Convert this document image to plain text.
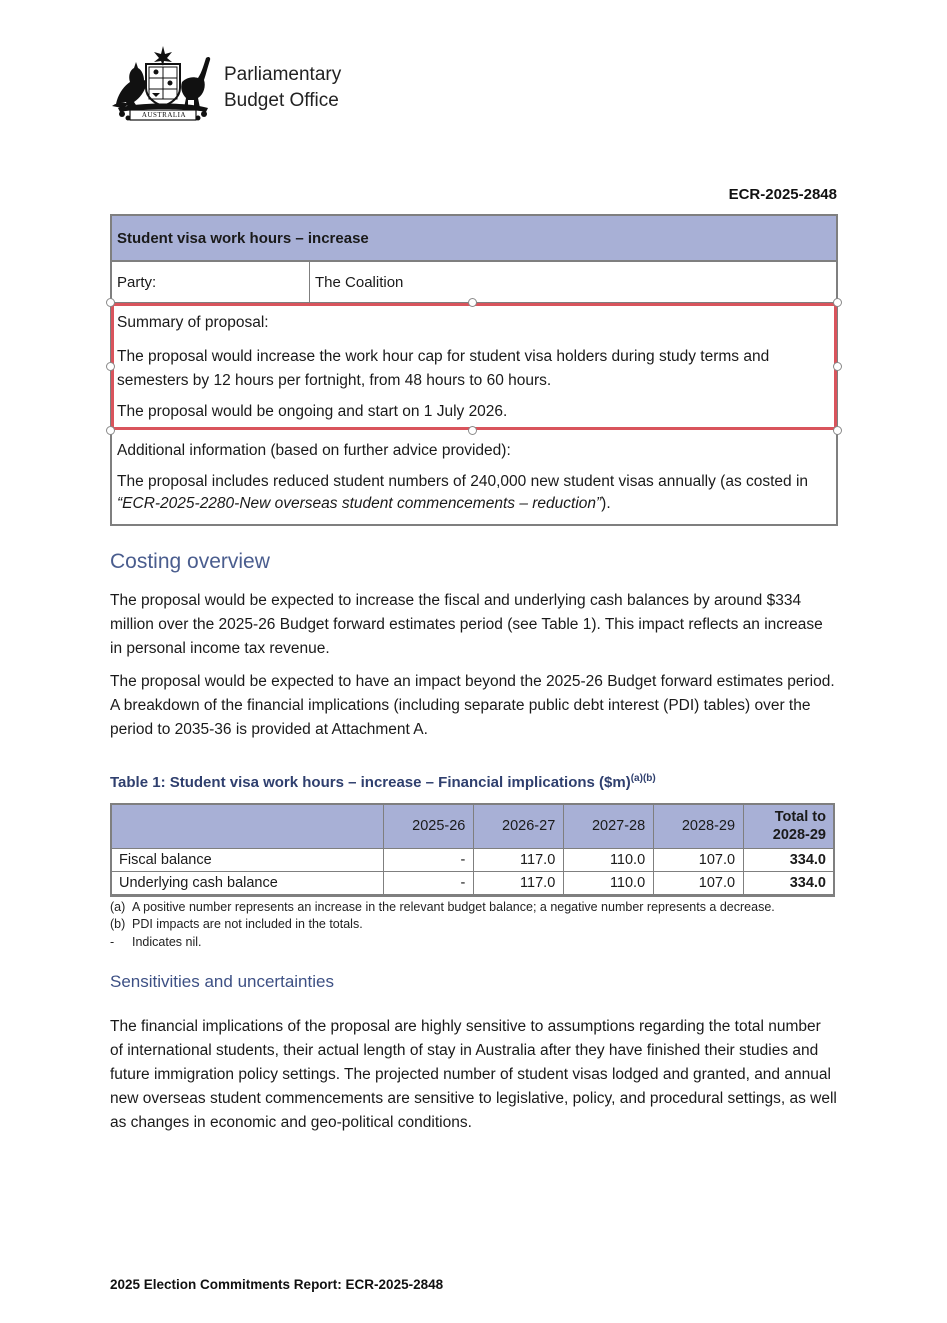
AUSTRALIA
Parliamentary
Budget Office
ECR-2025-2848
Student visa work hours – increase
Party:	The Coalition

Summary of proposal:

The proposal would increase the work hour cap for student visa holders during study terms and semesters by 12 hours per fortnight, from 48 hours to 60 hours.

The proposal would be ongoing and start on 1 July 2026.

Additional information (based on further advice provided):

The proposal includes reduced student numbers of 240,000 new student visas annually (as costed in “ECR-2025-2280-New overseas student commencements – reduction”).

Costing overview

The proposal would be expected to increase the fiscal and underlying cash balances by around $334 million over the 2025-26 Budget forward estimates period (see Table 1). This impact reflects an increase in personal income tax revenue.

The proposal would be expected to have an impact beyond the 2025-26 Budget forward estimates period. A breakdown of the financial implications (including separate public debt interest (PDI) tables) over the period to 2035-36 is provided at Attachment A.

Table 1: Student visa work hours – increase – Financial implications ($m)$^{(a)(b)}$
	2025-26	2026-27	2027-28	2028-29	Total to
2028-29

Fiscal balance	-	117.0	110.0	107.0	334.0
Underlying cash balance	-	117.0	110.0	107.0	334.0
(a) A positive number represents an increase in the relevant budget balance; a negative number represents a decrease.
(b) PDI impacts are not included in the totals.
- Indicates nil.
Sensitivities and uncertainties

The financial implications of the proposal are highly sensitive to assumptions regarding the total number of international students, their actual length of stay in Australia after they have finished their studies and future immigration policy settings. The projected number of student visas lodged and granted, and annual new overseas student commencements are sensitive to legislative, policy, and procedural settings, as well as changes in economic and geo-political conditions.

2025 Election Commitments Report: ECR-2025-2848
